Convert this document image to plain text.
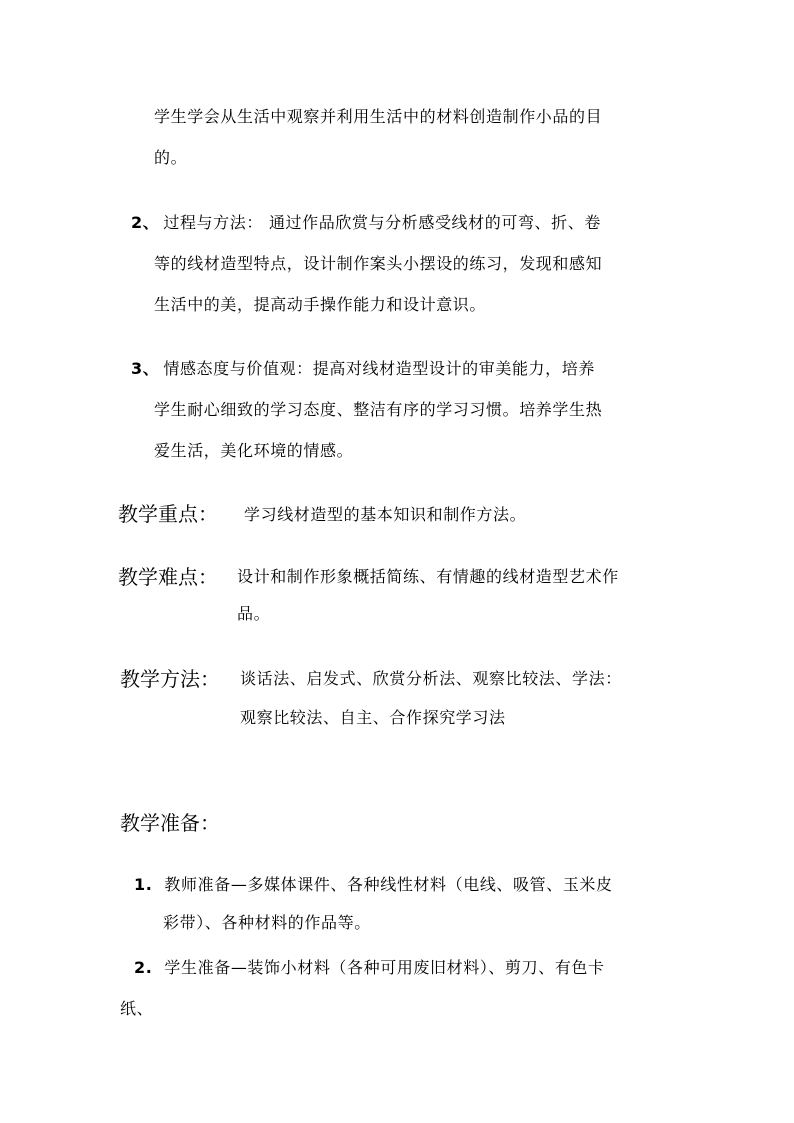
学生学会从生活中观察并利用生活中的材料创造制作小品的目
的。
2、 过程与方法： 通过作品欣赏与分析感受线材的可弯、折、卷
等的线材造型特点，设计制作案头小摆设的练习，发现和感知
生活中的美，提高动手操作能力和设计意识。
3、 情感态度与价值观：提高对线材造型设计的审美能力，培养
学生耐心细致的学习态度、整洁有序的学习习惯。培养学生热
爱生活，美化环境的情感。
教学重点： 学习线材造型的基本知识和制作方法。
教学难点： 设计和制作形象概括简练、有情趣的线材造型艺术作
品。
教学方法： 谈话法、启发式、欣赏分析法、观察比较法、学法：
观察比较法、自主、合作探究学习法
教学准备：
1. 教师准备—多媒体课件、各种线性材料（电线、吸管、玉米皮
彩带）、各种材料的作品等。
2. 学生准备—装饰小材料（各种可用废旧材料）、剪刀、有色卡
纸、
